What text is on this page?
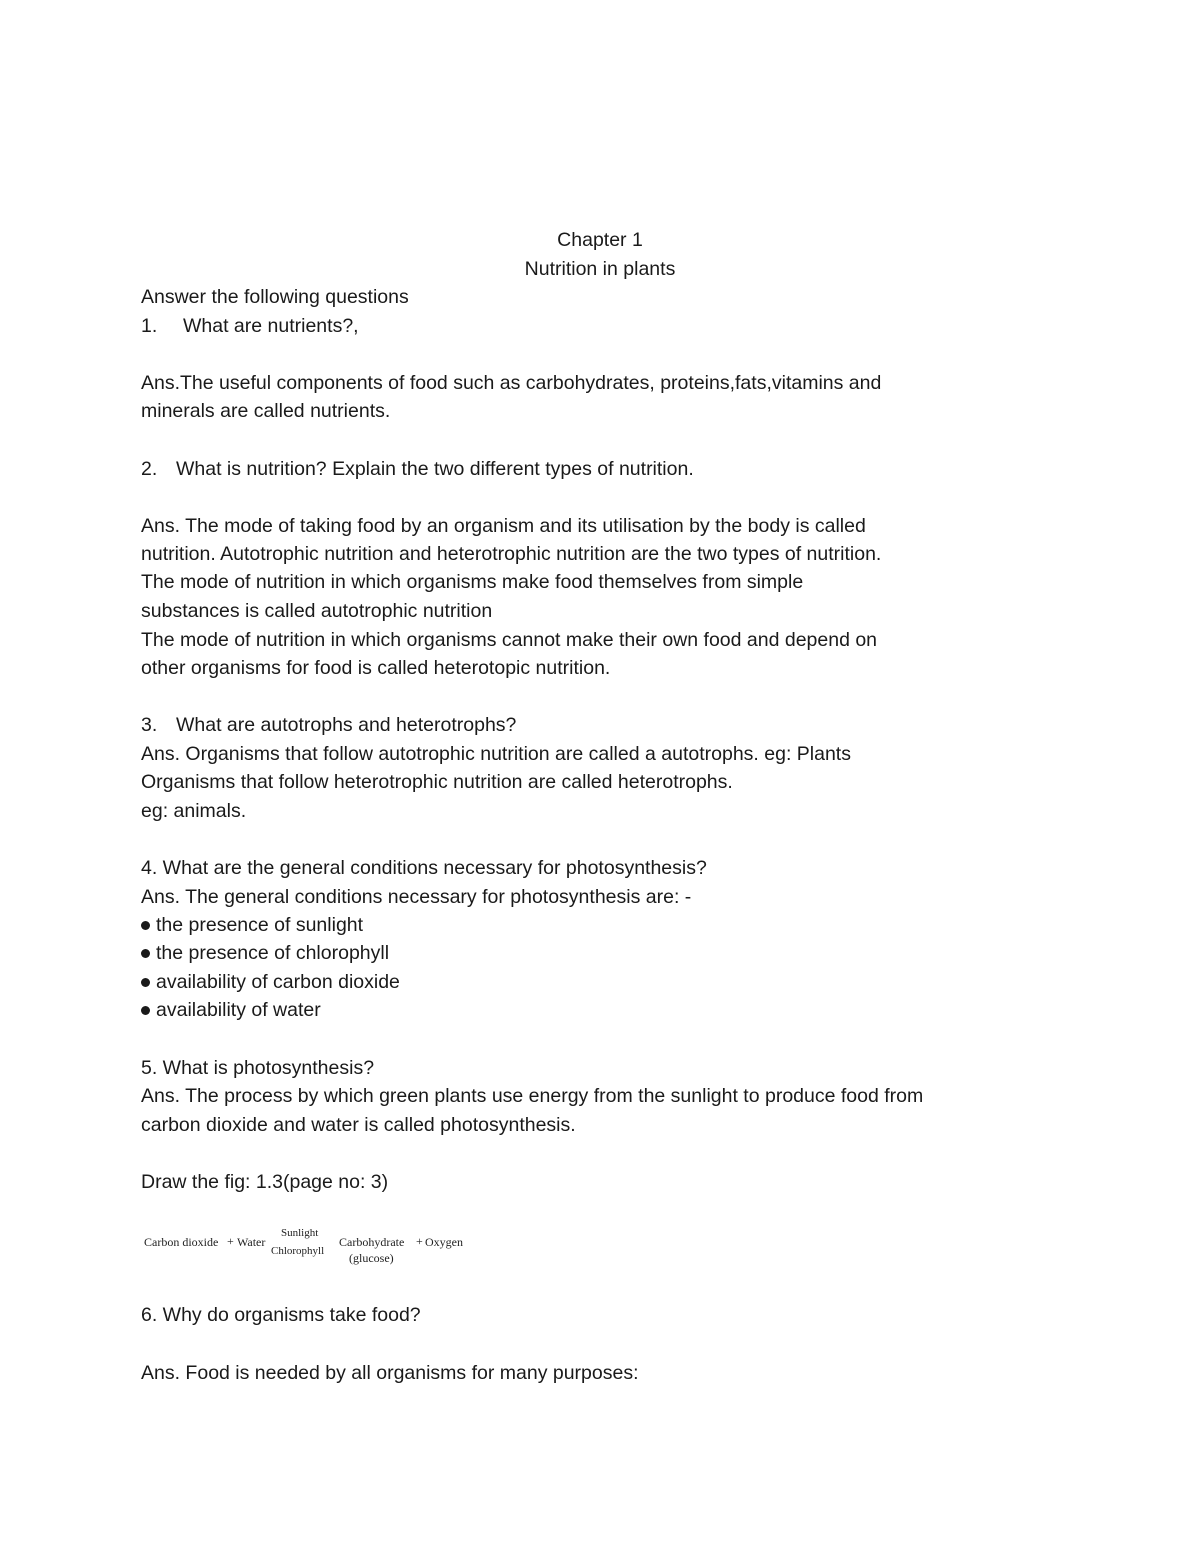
Chapter 1
Nutrition in plants
Answer the following questions
1. What are nutrients?,
Ans.The useful components of food such as carbohydrates, proteins,fats,vitamins and
minerals are called nutrients.
2. What is nutrition? Explain the two different types of nutrition.
Ans. The mode of taking food by an organism and its utilisation by the body is called
nutrition. Autotrophic nutrition and heterotrophic nutrition are the two types of nutrition.
The mode of nutrition in which organisms make food themselves from simple
substances is called autotrophic nutrition
The mode of nutrition in which organisms cannot make their own food and depend on
other organisms for food is called heterotopic nutrition.
3. What are autotrophs and heterotrophs?
Ans. Organisms that follow autotrophic nutrition are called a autotrophs. eg: Plants
Organisms that follow heterotrophic nutrition are called heterotrophs.
eg: animals.
4. What are the general conditions necessary for photosynthesis?
Ans. The general conditions necessary for photosynthesis are: -
the presence of sunlight
the presence of chlorophyll
availability of carbon dioxide
availability of water
5. What is photosynthesis?
Ans. The process by which green plants use energy from the sunlight to produce food from
carbon dioxide and water is called photosynthesis.
Draw the fig: 1.3(page no: 3)
Carbon dioxide + Water
Sunlight
Chlorophyll
Carbohydrate + Oxygen
(glucose)
6. Why do organisms take food?
Ans. Food is needed by all organisms for many purposes:
